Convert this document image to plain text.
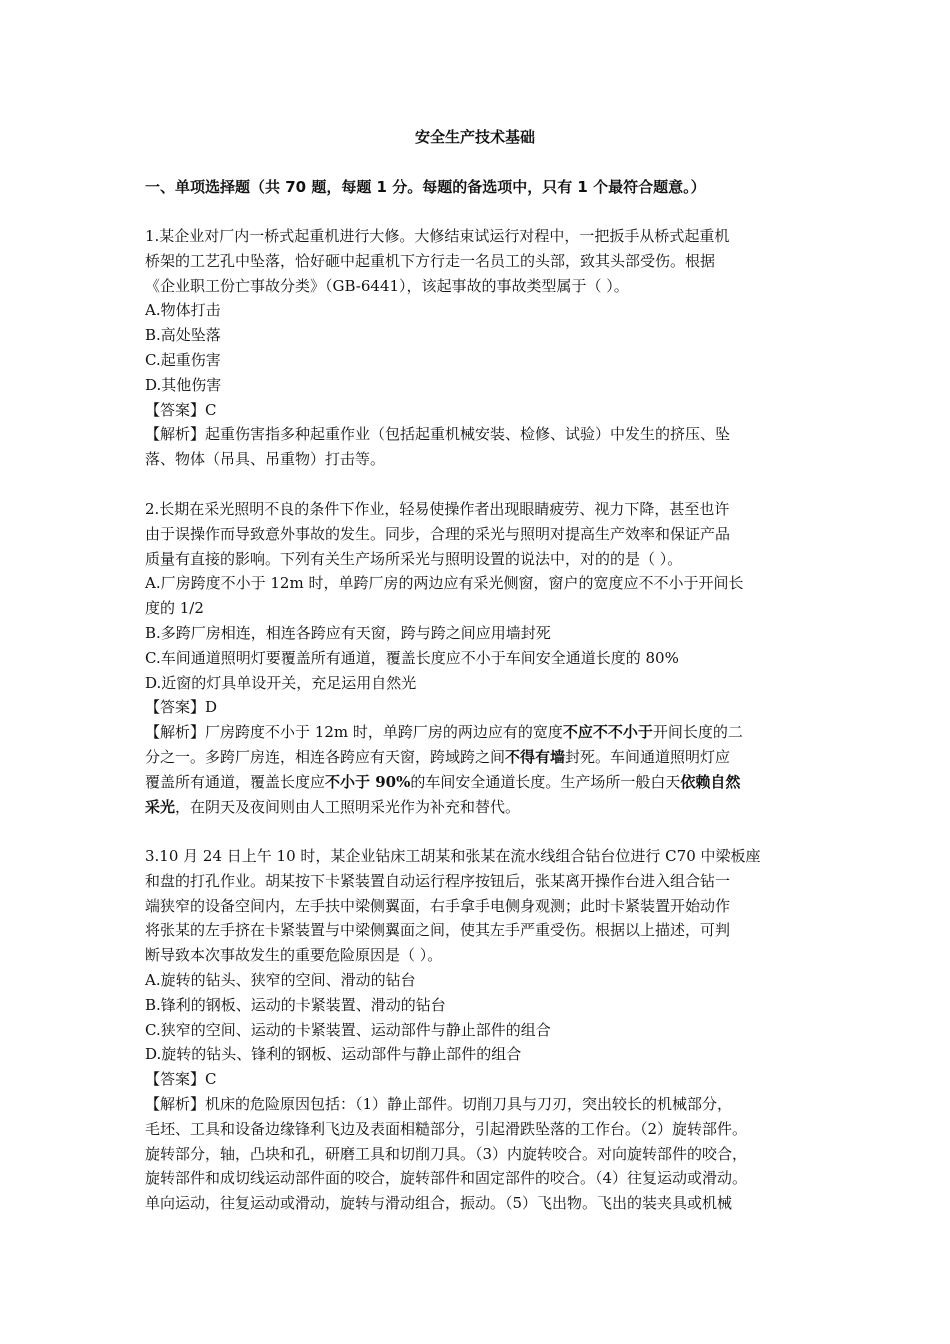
安全生产技术基础
一、单项选择题（共 70 题，每题 1 分。每题的备选项中，只有 1 个最符合题意。）
1.某企业对厂内一桥式起重机进行大修。大修结束试运行对程中，一把扳手从桥式起重机
桥架的工艺孔中坠落，恰好砸中起重机下方行走一名员工的头部，致其头部受伤。根据
《企业职工份亡事故分类》（GB-6441），该起事故的事故类型属于（ ）。
A.物体打击
B.高处坠落
C.起重伤害
D.其他伤害
【答案】C
【解析】起重伤害指多种起重作业（包括起重机械安装、检修、试验）中发生的挤压、坠
落、物体（吊具、吊重物）打击等。
2.长期在采光照明不良的条件下作业，轻易使操作者出现眼睛疲劳、视力下降，甚至也许
由于误操作而导致意外事故的发生。同步，合理的采光与照明对提高生产效率和保证产品
质量有直接的影响。下列有关生产场所采光与照明设置的说法中，对的的是（ ）。
A.厂房跨度不小于 12m 时，单跨厂房的两边应有采光侧窗，窗户的宽度应不不小于开间长
度的 1/2
B.多跨厂房相连，相连各跨应有天窗，跨与跨之间应用墙封死
C.车间通道照明灯要覆盖所有通道，覆盖长度应不小于车间安全通道长度的 80%
D.近窗的灯具单设开关，充足运用自然光
【答案】D
【解析】厂房跨度不小于 12m 时，单跨厂房的两边应有的宽度不应不不小于开间长度的二
分之一。多跨厂房连，相连各跨应有天窗，跨域跨之间不得有墙封死。车间通道照明灯应
覆盖所有通道，覆盖长度应不小于 90%的车间安全通道长度。生产场所一般白天依赖自然
采光，在阴天及夜间则由人工照明采光作为补充和替代。
3.10 月 24 日上午 10 时，某企业钻床工胡某和张某在流水线组合钻台位进行 C70 中梁板座
和盘的打孔作业。胡某按下卡紧装置自动运行程序按钮后，张某离开操作台进入组合钻一
端狭窄的设备空间内，左手扶中梁侧翼面，右手拿手电侧身观测；此时卡紧装置开始动作
将张某的左手挤在卡紧装置与中梁侧翼面之间，使其左手严重受伤。根据以上描述，可判
断导致本次事故发生的重要危险原因是（ ）。
A.旋转的钻头、狭窄的空间、滑动的钻台
B.锋利的钢板、运动的卡紧装置、滑动的钻台
C.狭窄的空间、运动的卡紧装置、运动部件与静止部件的组合
D.旋转的钻头、锋利的钢板、运动部件与静止部件的组合
【答案】C
【解析】机床的危险原因包括：（1）静止部件。切削刀具与刀刃，突出较长的机械部分，
毛坯、工具和设备边缘锋利飞边及表面相糙部分，引起滑跌坠落的工作台。（2）旋转部件。
旋转部分，轴，凸块和孔，研磨工具和切削刀具。（3）内旋转咬合。对向旋转部件的咬合，
旋转部件和成切线运动部件面的咬合，旋转部件和固定部件的咬合。（4）往复运动或滑动。
单向运动，往复运动或滑动，旋转与滑动组合，振动。（5）飞出物。飞出的装夹具或机械
